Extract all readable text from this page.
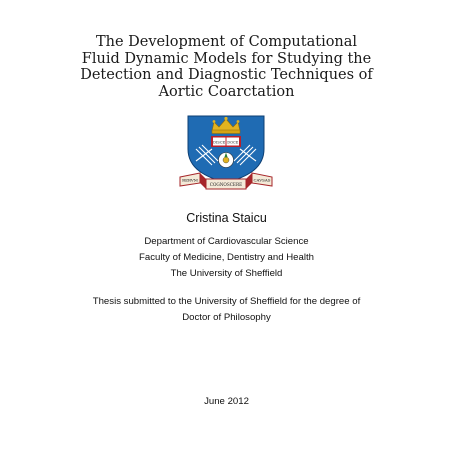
The Development of Computational
Fluid Dynamic Models for Studying the
Detection and Diagnostic Techniques of
Aortic Coarctation
DISCE DOCE
RERVM
COGNOSCERE
CAVSAS
Cristina Staicu
Department of Cardiovascular Science
Faculty of Medicine, Dentistry and Health
The University of Sheffield
Thesis submitted to the University of Sheffield for the degree of
Doctor of Philosophy
June 2012
